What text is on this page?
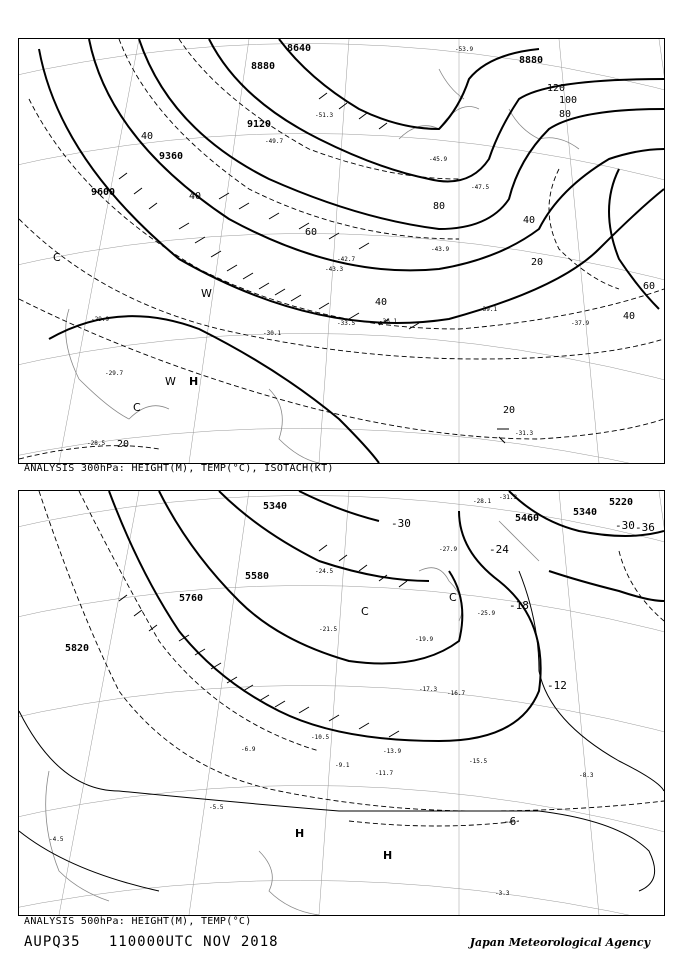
8640
8880
8880
9120
9360
9600
120
100
80
80
60
60
40
40
40
40
40
20
20
20
W H
C
W
C
-53.9
-51.3
-49.7
-47.5
-45.9
-43.9
-43.3
-42.7
-39.1
-37.9
-36.1
-33.5
-31.3
-30.1
-29.9
-29.7
-28.5
ANALYSIS 300hPa: HEIGHT(M), TEMP(°C), ISOTACH(KT)
5340	5220
5340
5460
5580
5760
5820
-36
-30
-30
-24
-18
-12
-6
C
C
H
H
-31.3
-28.1
-27.9
-25.9
-24.5
-21.5
-19.9
-17.3
-16.7
-15.5
-13.9
-11.7
-10.5
-9.1
-8.3
-6.9
-5.5
-4.5
-3.3
ANALYSIS 500hPa: HEIGHT(M), TEMP(°C)
AUPQ35 110000UTC NOV 2018	Japan Meteorological Agency
